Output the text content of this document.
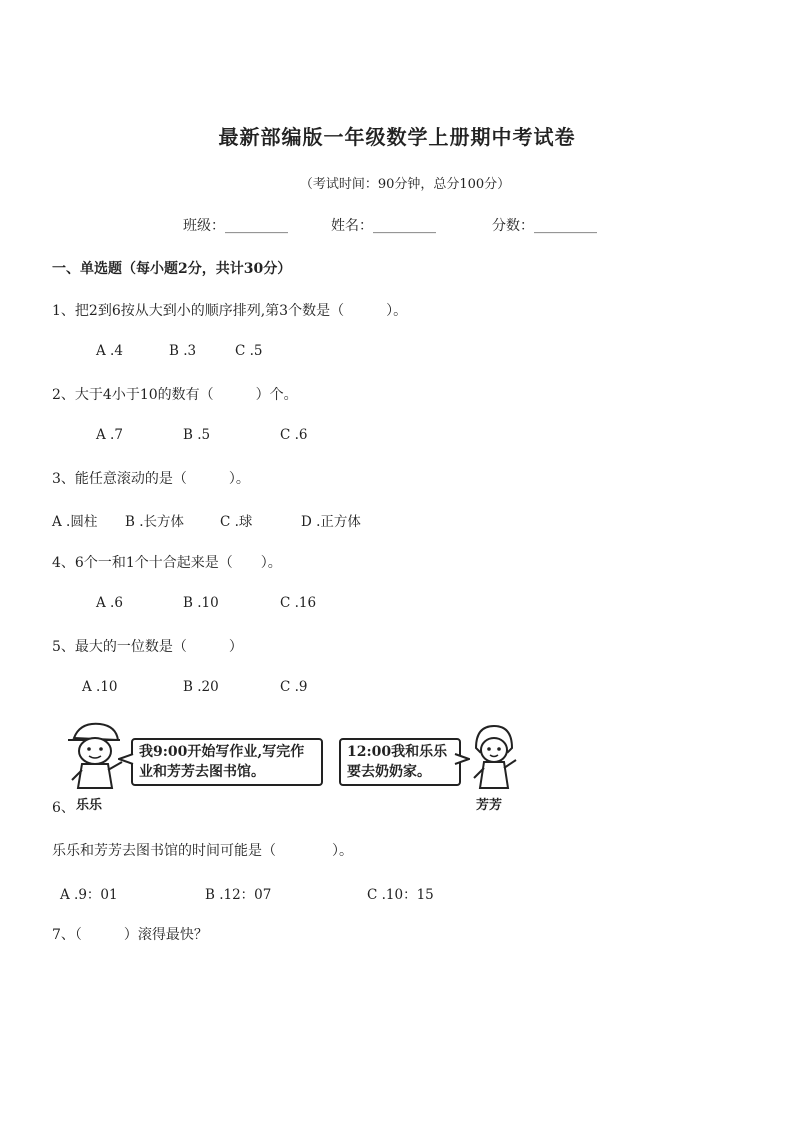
最新部编版一年级数学上册期中考试卷
（考试时间：90分钟，总分100分）
班级：_________	姓名：_________	分数：_________
一、单选题（每小题2分，共计30分）
1、把2到6按从大到小的顺序排列,第3个数是（　　　）。
A .4	B .3	C .5
2、大于4小于10的数有（　　　）个。
A .7	B .5	C .6
3、能任意滚动的是（　　　）。
A .圆柱 B .长方体	C .球	D .正方体
4、6个一和1个十合起来是（　　）。
A .6	B .10	C .16
5、最大的一位数是（　　　）
A .10	B .20	C .9
我9:00开始写作业,写完作业和芳芳去图书馆。
乐乐
12:00我和乐乐要去奶奶家。
芳芳
6、
乐乐和芳芳去图书馆的时间可能是（　　　　）。
A .9：01	B .12：07	C .10：15
7、（　　　）滚得最快？
